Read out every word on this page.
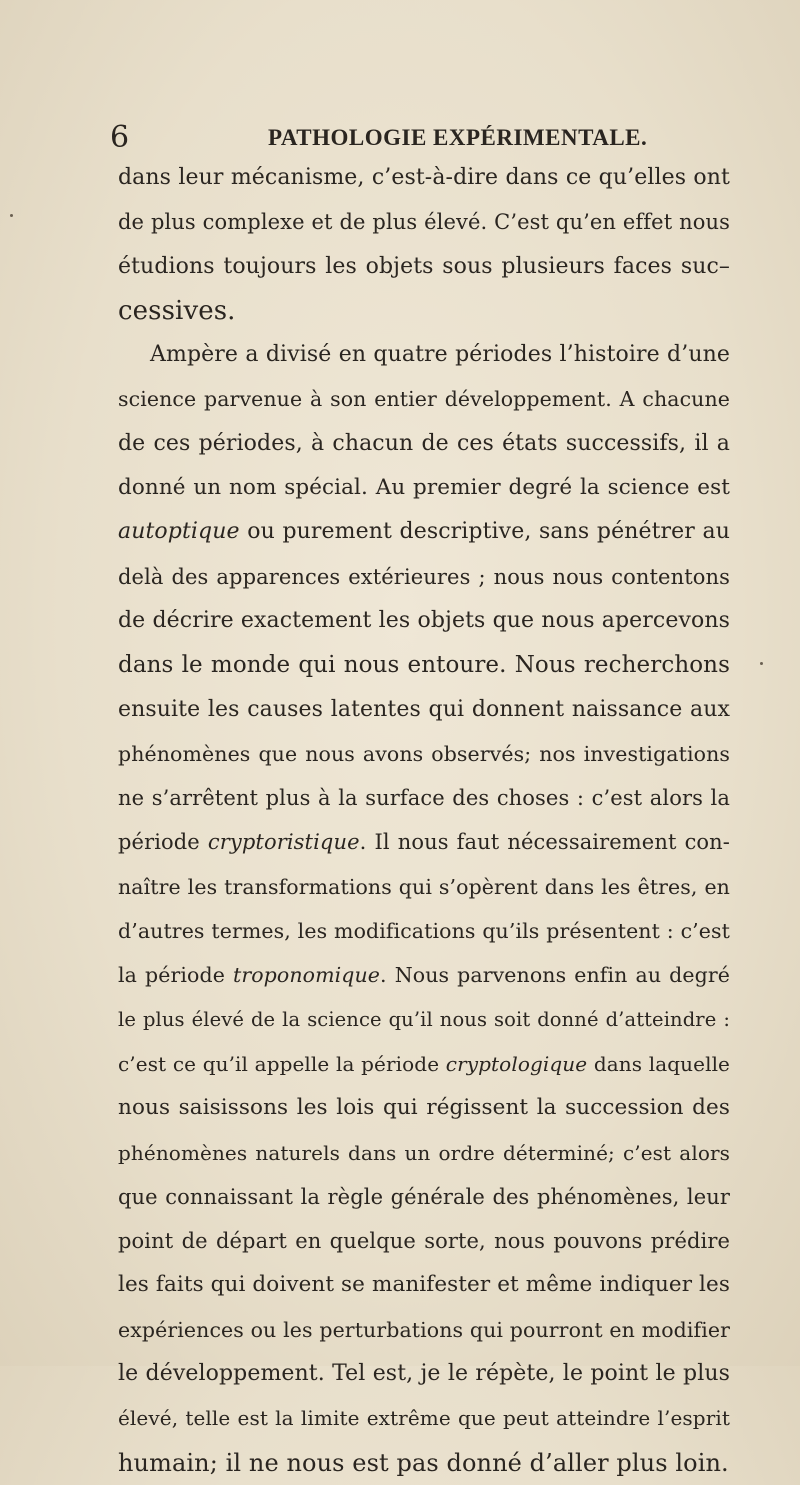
6	PATHOLOGIE EXPÉRIMENTALE.
dans leur mécanisme, c’est-à-dire dans ce qu’elles ont
de plus complexe et de plus élevé. C’est qu’en effet nous
étudions toujours les objets sous plusieurs faces suc–
cessives.
Ampère a divisé en quatre périodes l’histoire d’une
science parvenue à son entier développement. A chacune
de ces périodes, à chacun de ces états successifs, il a
donné un nom spécial. Au premier degré la science est
autoptique ou purement descriptive, sans pénétrer au
delà des apparences extérieures ; nous nous contentons
de décrire exactement les objets que nous apercevons
dans le monde qui nous entoure. Nous recherchons
ensuite les causes latentes qui donnent naissance aux
phénomènes que nous avons observés; nos investigations
ne s’arrêtent plus à la surface des choses : c’est alors la
période cryptoristique. Il nous faut nécessairement con-
naître les transformations qui s’opèrent dans les êtres, en
d’autres termes, les modifications qu’ils présentent : c’est
la période troponomique. Nous parvenons enfin au degré
le plus élevé de la science qu’il nous soit donné d’atteindre :
c’est ce qu’il appelle la période cryptologique dans laquelle
nous saisissons les lois qui régissent la succession des
phénomènes naturels dans un ordre déterminé; c’est alors
que connaissant la règle générale des phénomènes, leur
point de départ en quelque sorte, nous pouvons prédire
les faits qui doivent se manifester et même indiquer les
expériences ou les perturbations qui pourront en modifier
le développement. Tel est, je le répète, le point le plus
élevé, telle est la limite extrême que peut atteindre l’esprit
humain; il ne nous est pas donné d’aller plus loin.
